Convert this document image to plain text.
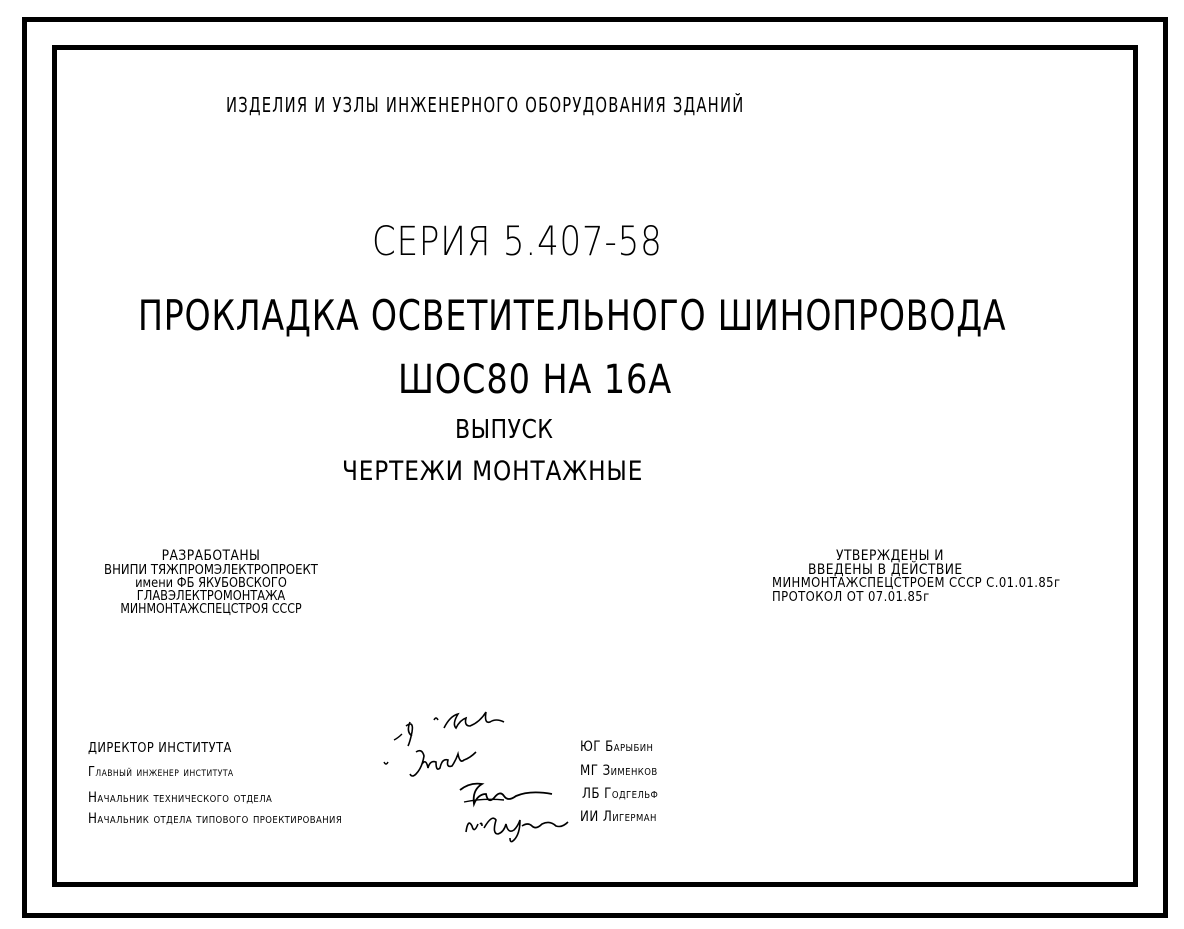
ИЗДЕЛИЯ И УЗЛЫ ИНЖЕНЕРНОГО ОБОРУДОВАНИЯ ЗДАНИЙ
СЕРИЯ 5.407-58
ПРОКЛАДКА ОСВЕТИТЕЛЬНОГО ШИНОПРОВОДА
ШОС80 НА 16А
ВЫПУСК
ЧЕРТЕЖИ МОНТАЖНЫЕ
РАЗРАБОТАНЫ
ВНИПИ ТЯЖПРОМЭЛЕКТРОПРОЕКТ
имени ФБ ЯКУБОВСКОГО
ГЛАВЭЛЕКТРОМОНТАЖА
МИНМОНТАЖСПЕЦСТРОЯ СССР
УТВЕРЖДЕНЫ И
ВВЕДЕНЫ В ДЕЙСТВИЕ
МИНМОНТАЖСПЕЦСТРОЕМ СССР С.01.01.85г
ПРОТОКОЛ ОТ 07.01.85г
ДИРЕКТОР ИНСТИТУТА
Главный инженер института
Начальник технического отдела
Начальник отдела типового проектирования
ЮГ Барыбин
МГ Зименков
ЛБ Годгельф
ИИ Лигерман
